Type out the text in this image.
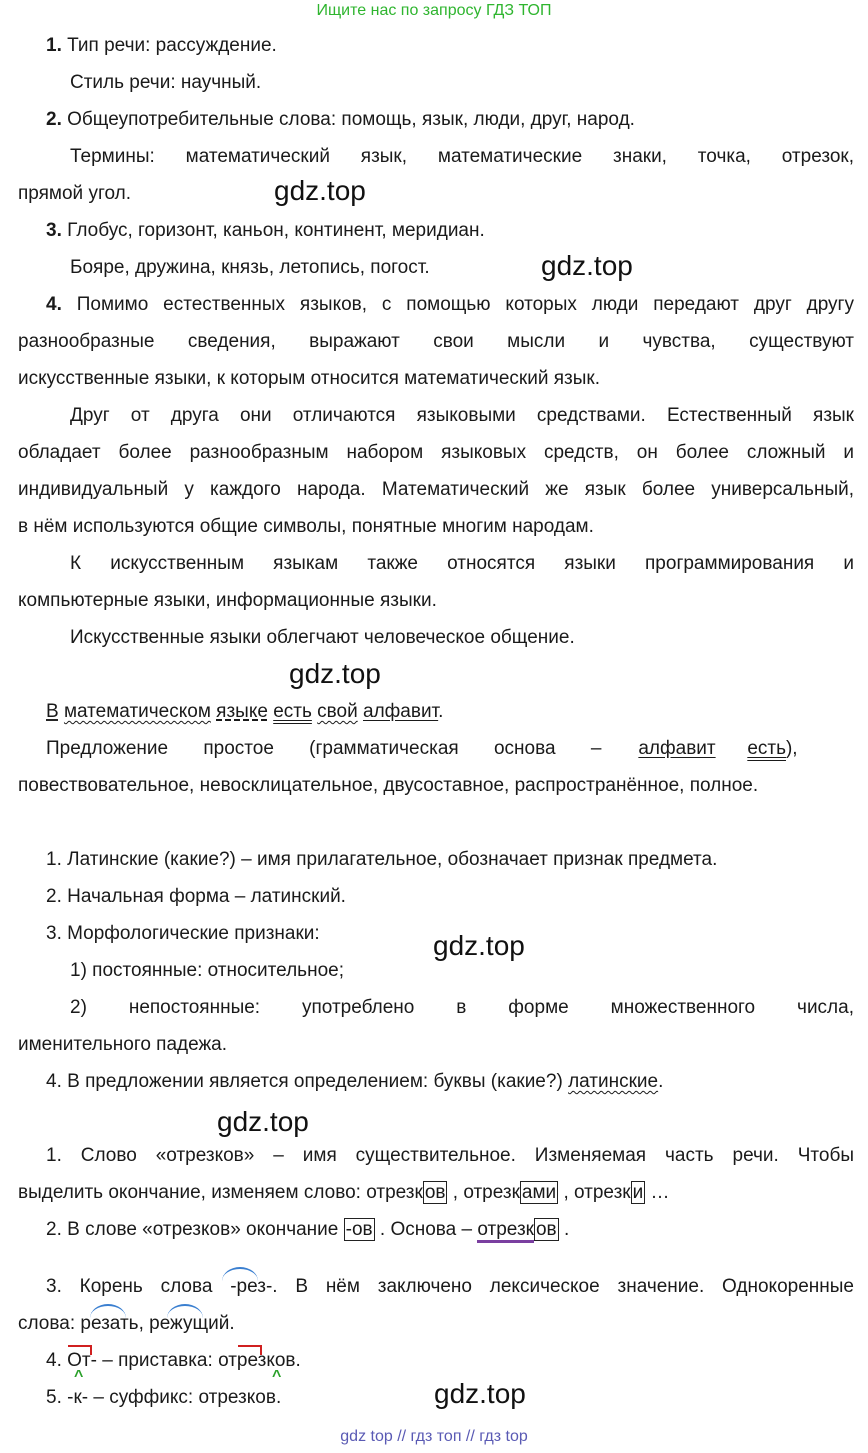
Ищите нас по запросу ГДЗ ТОП
1. Тип речи: рассуждение.
Стиль речи: научный.
2. Общеупотребительные слова: помощь, язык, люди, друг, народ.
Термины: математический язык, математические знаки, точка, отрезок,
прямой угол.	gdz.top
3. Глобус, горизонт, каньон, континент, меридиан.
Бояре, дружина, князь, летопись, погост.	gdz.top
4. Помимо естественных языков, с помощью которых люди передают друг другу
разнообразные сведения, выражают свои мысли и чувства, существуют
искусственные языки, к которым относится математический язык.
Друг от друга они отличаются языковыми средствами. Естественный язык
обладает более разнообразным набором языковых средств, он более сложный и
индивидуальный у каждого народа. Математический же язык более универсальный,
в нём используются общие символы, понятные многим народам.
К искусственным языкам также относятся языки программирования и
компьютерные языки, информационные языки.
Искусственные языки облегчают человеческое общение.
gdz.top
В математическом языке есть свой алфавит.
Предложение простое (грамматическая основа – алфавит есть),
повествовательное, невосклицательное, двусоставное, распространённое, полное.
1. Латинские (какие?) – имя прилагательное, обозначает признак предмета.
2. Начальная форма – латинский.
3. Морфологические признаки:	gdz.top
1) постоянные: относительное;
2) непостоянные: употреблено в форме множественного числа,
именительного падежа.
4. В предложении является определением: буквы (какие?) латинские.
gdz.top
1. Слово «отрезков» – имя существительное. Изменяемая часть речи. Чтобы
выделить окончание, изменяем слово: отрезк ов , отрезк ами , отрезк и …
2. В слове «отрезков» окончание -ов . Основа – отрезк ов .
3. Корень слова -рез-. В нём заключено лексическое значение. Однокоренные
слова: резать, режущий.
4. От- – приставка: отрезков.
5. -к- – суффикс: отрезков.
^	^
gdz.top
gdz top // гдз топ // гдз top
